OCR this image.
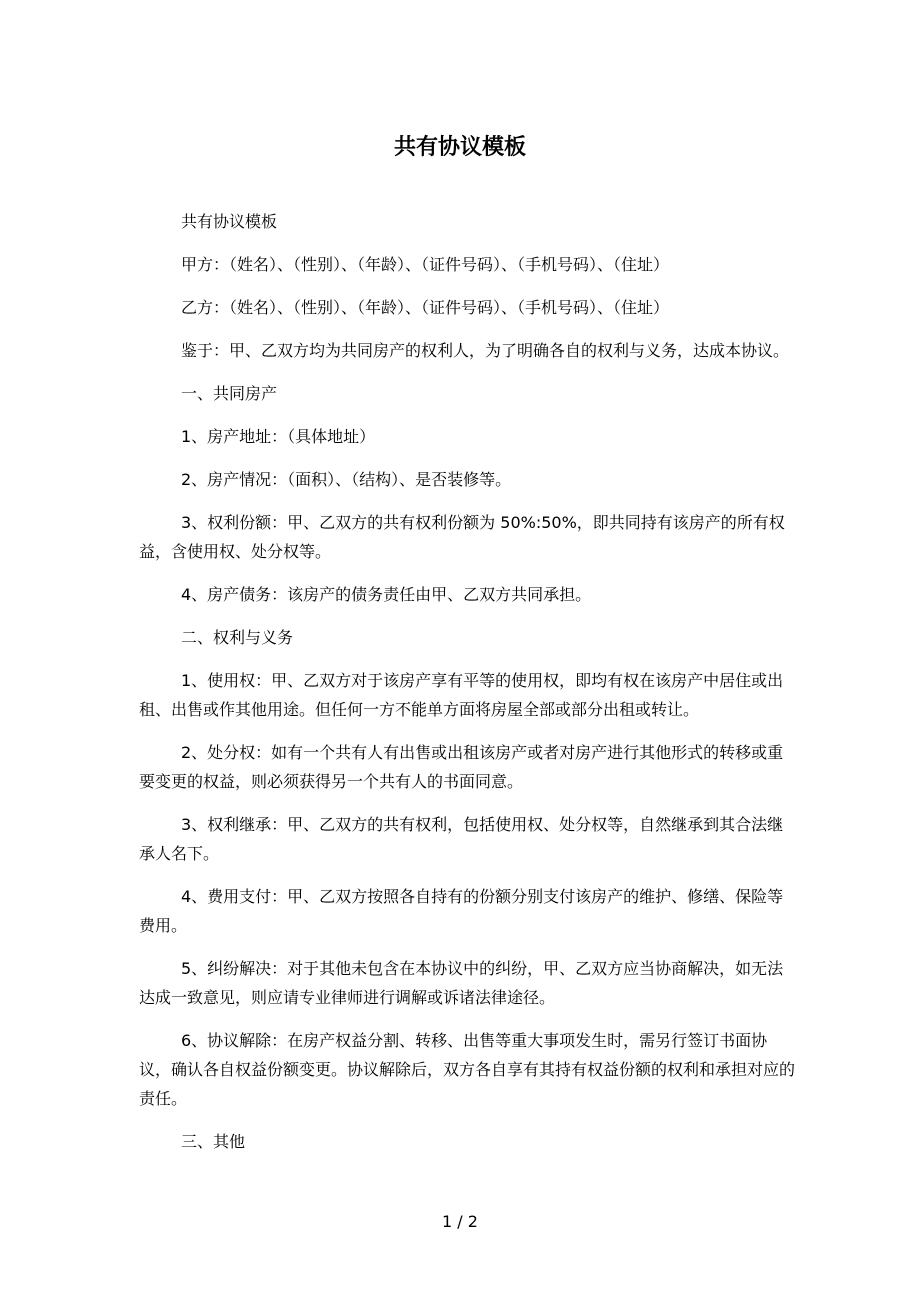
共有协议模板

共有协议模板

甲方：（姓名）、（性别）、（年龄）、（证件号码）、（手机号码）、（住址）

乙方：（姓名）、（性别）、（年龄）、（证件号码）、（手机号码）、（住址）

鉴于：甲、乙双方均为共同房产的权利人，为了明确各自的权利与义务，达成本协议。

一、共同房产

1、房产地址：（具体地址）

2、房产情况：（面积）、（结构）、是否装修等。

3、权利份额：甲、乙双方的共有权利份额为 50%:50%，即共同持有该房产的所有权益，含使用权、处分权等。

4、房产债务：该房产的债务责任由甲、乙双方共同承担。

二、权利与义务

1、使用权：甲、乙双方对于该房产享有平等的使用权，即均有权在该房产中居住或出租、出售或作其他用途。但任何一方不能单方面将房屋全部或部分出租或转让。

2、处分权：如有一个共有人有出售或出租该房产或者对房产进行其他形式的转移或重要变更的权益，则必须获得另一个共有人的书面同意。

3、权利继承：甲、乙双方的共有权利，包括使用权、处分权等，自然继承到其合法继承人名下。

4、费用支付：甲、乙双方按照各自持有的份额分别支付该房产的维护、修缮、保险等费用。

5、纠纷解决：对于其他未包含在本协议中的纠纷，甲、乙双方应当协商解决，如无法达成一致意见，则应请专业律师进行调解或诉诸法律途径。

6、协议解除：在房产权益分割、转移、出售等重大事项发生时，需另行签订书面协议，确认各自权益份额变更。协议解除后，双方各自享有其持有权益份额的权利和承担对应的责任。

三、其他

1 / 2
